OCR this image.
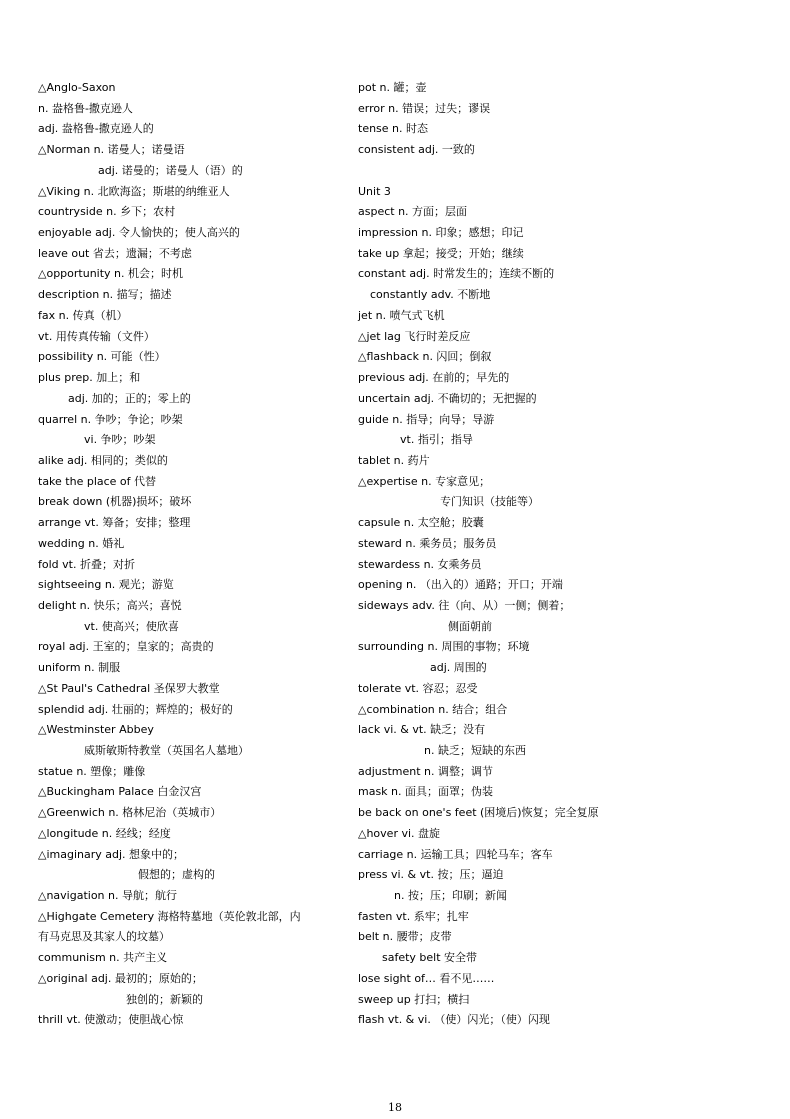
△Anglo-Saxon
n. 盎格鲁-撒克逊人
adj. 盎格鲁-撒克逊人的
△Norman n. 诺曼人；诺曼语
adj. 诺曼的；诺曼人（语）的
△Viking n. 北欧海盗；斯堪的纳维亚人
countryside n. 乡下；农村
enjoyable adj. 令人愉快的；使人高兴的
leave out 省去；遗漏；不考虑
△opportunity n. 机会；时机
description n. 描写；描述
fax n. 传真（机）
vt. 用传真传输（文件）
possibility n. 可能（性）
plus prep. 加上；和
adj. 加的；正的；零上的
quarrel n. 争吵；争论；吵架
vi. 争吵；吵架
alike adj. 相同的；类似的
take the place of 代替
break down (机器)损坏；破坏
arrange vt. 筹备；安排；整理
wedding n. 婚礼
fold vt. 折叠；对折
sightseeing n. 观光；游览
delight n. 快乐；高兴；喜悦
vt. 使高兴；使欣喜
royal adj. 王室的；皇家的；高贵的
uniform n. 制服
△St Paul's Cathedral 圣保罗大教堂
splendid adj. 壮丽的；辉煌的；极好的
△Westminster Abbey
威斯敏斯特教堂（英国名人墓地）
statue n. 塑像；雕像
△Buckingham Palace 白金汉宫
△Greenwich n. 格林尼治（英城市）
△longitude n. 经线；经度
△imaginary adj. 想象中的；
假想的；虚构的
△navigation n. 导航；航行
△Highgate Cemetery 海格特墓地（英伦敦北部，内
有马克思及其家人的坟墓）
communism n. 共产主义
△original adj. 最初的；原始的；
独创的；新颖的
thrill vt. 使激动；使胆战心惊
pot n. 罐；壶
error n. 错误；过失；谬误
tense n. 时态
consistent adj. 一致的
Unit 3
aspect n. 方面；层面
impression n. 印象；感想；印记
take up 拿起；接受；开始；继续
constant adj. 时常发生的；连续不断的
constantly adv. 不断地
jet n. 喷气式飞机
△jet lag 飞行时差反应
△flashback n. 闪回；倒叙
previous adj. 在前的；早先的
uncertain adj. 不确切的；无把握的
guide n. 指导；向导；导游
vt. 指引；指导
tablet n. 药片
△expertise n. 专家意见；
专门知识（技能等）
capsule n. 太空舱；胶囊
steward n. 乘务员；服务员
stewardess n. 女乘务员
opening n. （出入的）通路；开口；开端
sideways adv. 往（向、从）一侧；侧着；
侧面朝前
surrounding n. 周围的事物；环境
adj. 周围的
tolerate vt. 容忍；忍受
△combination n. 结合；组合
lack vi. & vt. 缺乏；没有
n. 缺乏；短缺的东西
adjustment n. 调整；调节
mask n. 面具；面罩；伪装
be back on one's feet (困境后)恢复；完全复原
△hover vi. 盘旋
carriage n. 运输工具；四轮马车；客车
press vi. & vt. 按；压；逼迫
n. 按；压；印刷；新闻
fasten vt. 系牢；扎牢
belt n. 腰带；皮带
safety belt 安全带
lose sight of… 看不见……
sweep up 打扫；横扫
flash vt. & vi. （使）闪光；（使）闪现
18
